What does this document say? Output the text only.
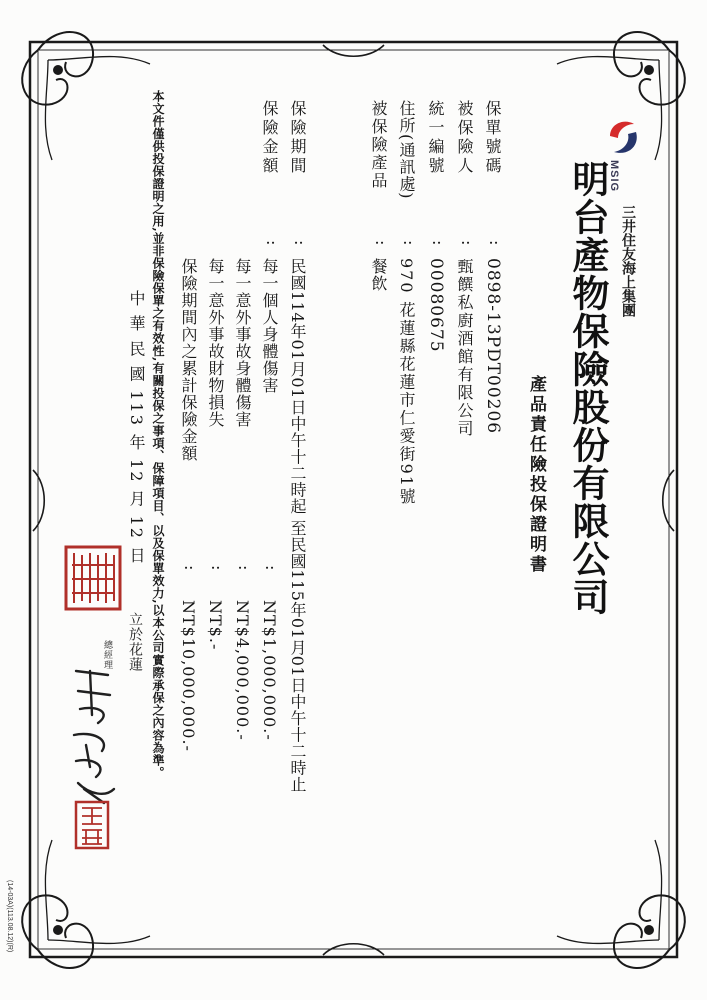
MSIG
三井住友海上集團
明台產物保險股份有限公司
產品責任險投保證明書
保單號碼
被保險人
統一編號
住所(通訊處)
被保險產品
保險期間
保險金額
:
:
:
:
:
:
:
0898-13PDT00206
甄饌私廚酒館有限公司
00080675
970 花蓮縣花蓮市仁愛街91號
餐飲
民國114年01月01日中午十二時起 至民國115年01月01日中午十二時止
每一個人身體傷害
每一意外事故身體傷害
每一意外事故財物損失
保險期間內之累計保險金額
:
:
:
:
NT$1,000,000.-
NT$4,000,000.-
NT$.-
NT$10,000,000.-
中 華 民 國 113 年 12 月 12 日
立於花蓮
總經理	本文件僅供投保證明之用,並非保險保單之有效性,有關投保之事項、保障項目、以及保單效力,以本公司實際承保之內容為準。
(14-03A)(113.08.12)(R)
